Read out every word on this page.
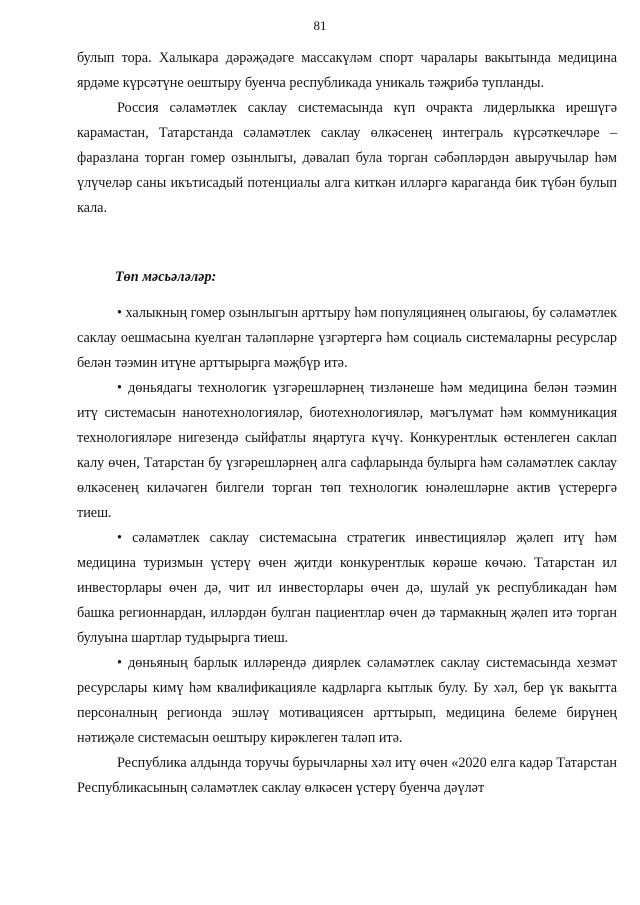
81

булып тора. Халыкара дәрәҗәдәге массакүләм спорт чаралары вакытында медицина ярдәме күрсәтүне оештыру буенча республикада уникаль тәҗрибә тупланды.

Россия сәламәтлек саклау системасында күп очракта лидерлыкка ирешүгә карамастан, Татарстанда сәламәтлек саклау өлкәсенең интеграль күрсәткечләре – фаразлана торган гомер озынлыгы, дәвалап була торган сәбәпләрдән авыручылар һәм үлүчеләр саны икътисадый потенциалы алга киткән илләргә караганда бик түбән булып кала.

Төп мәсьәләләр:

• халыкның гомер озынлыгын арттыру һәм популяциянең олыгаюы, бу сәламәтлек саклау оешмасына куелган таләпләрне үзгәртергә һәм социаль системаларны ресурслар белән тәэмин итүне арттырырга мәҗбүр итә.

• дөньядагы технологик үзгәрешләрнең тизләнеше һәм медицина белән тәэмин итү системасын нанотехнологияләр, биотехнологияләр, мәгълүмат һәм коммуникация технологияләре нигезендә сыйфатлы яңартуга күчү. Конкурентлык өстенлеген саклап калу өчен, Татарстан бу үзгәрешләрнең алга сафларында булырга һәм сәламәтлек саклау өлкәсенең киләчәген билгели торган төп технологик юнәлешләрне актив үстерергә тиеш.

• сәламәтлек саклау системасына стратегик инвестицияләр җәлеп итү һәм медицина туризмын үстерү өчен җитди конкурентлык көрәше көчәю. Татарстан ил инвесторлары өчен дә, чит ил инвесторлары өчен дә, шулай ук республикадан һәм башка регионнардан, илләрдән булган пациентлар өчен дә тармакның җәлеп итә торган булуына шартлар тудырырга тиеш.

• дөньяның барлык илләрендә диярлек сәламәтлек саклау системасында хезмәт ресурслары кимү һәм квалификацияле кадрларга кытлык булу. Бу хәл, бер үк вакытта персоналның регионда эшләү мотивациясен арттырып, медицина белеме бирүнең нәтиҗәле системасын оештыру кирәклеген таләп итә.

Республика алдында торучы бурычларны хәл итү өчен «2020 елга кадәр Татарстан Республикасының сәламәтлек саклау өлкәсен үстерү буенча дәүләт
